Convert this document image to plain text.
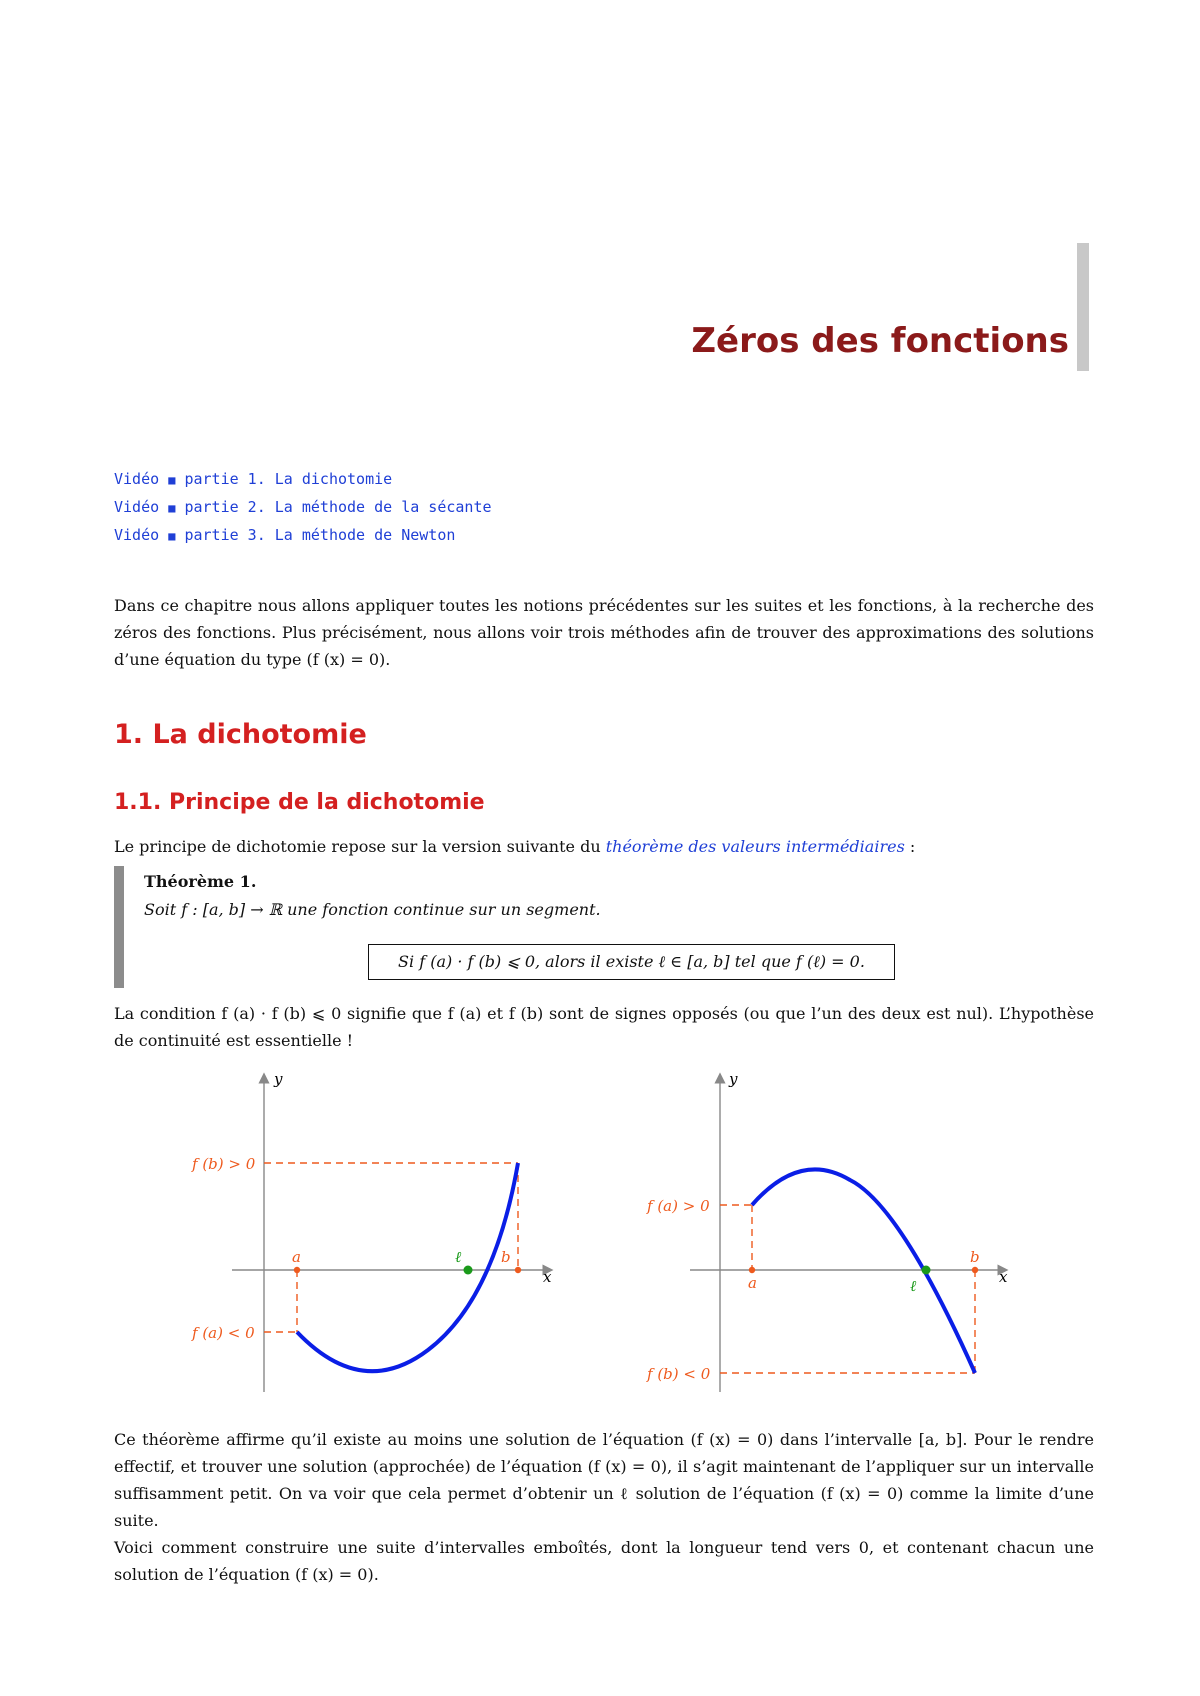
Zéros des fonctions
Vidéo ■ partie 1. La dichotomie
Vidéo ■ partie 2. La méthode de la sécante
Vidéo ■ partie 3. La méthode de Newton

Dans ce chapitre nous allons appliquer toutes les notions précédentes sur les suites et les fonctions, à la recherche des zéros des fonctions. Plus précisément, nous allons voir trois méthodes afin de trouver des approximations des solutions d’une équation du type (f (x) = 0).

1. La dichotomie
1.1. Principe de la dichotomie

Le principe de dichotomie repose sur la version suivante du théorème des valeurs intermédiaires :

Théorème 1.
Soit f : [a, b] → ℝ une fonction continue sur un segment.
Si f (a) · f (b) ⩽ 0, alors il existe ℓ ∈ [a, b] tel que f (ℓ) = 0.

La condition f (a) · f (b) ⩽ 0 signifie que f (a) et f (b) sont de signes opposés (ou que l’un des deux est nul). L’hypothèse de continuité est essentielle !

y
x
f (b) > 0
f (a) < 0
a	b
ℓ
y
x
f (a) > 0
f (b) < 0
a
b
ℓ

Ce théorème affirme qu’il existe au moins une solution de l’équation (f (x) = 0) dans l’intervalle [a, b]. Pour le rendre effectif, et trouver une solution (approchée) de l’équation (f (x) = 0), il s’agit maintenant de l’appliquer sur un intervalle suffisamment petit. On va voir que cela permet d’obtenir un ℓ solution de l’équation (f (x) = 0) comme la limite d’une suite.

Voici comment construire une suite d’intervalles emboîtés, dont la longueur tend vers 0, et contenant chacun une solution de l’équation (f (x) = 0).
